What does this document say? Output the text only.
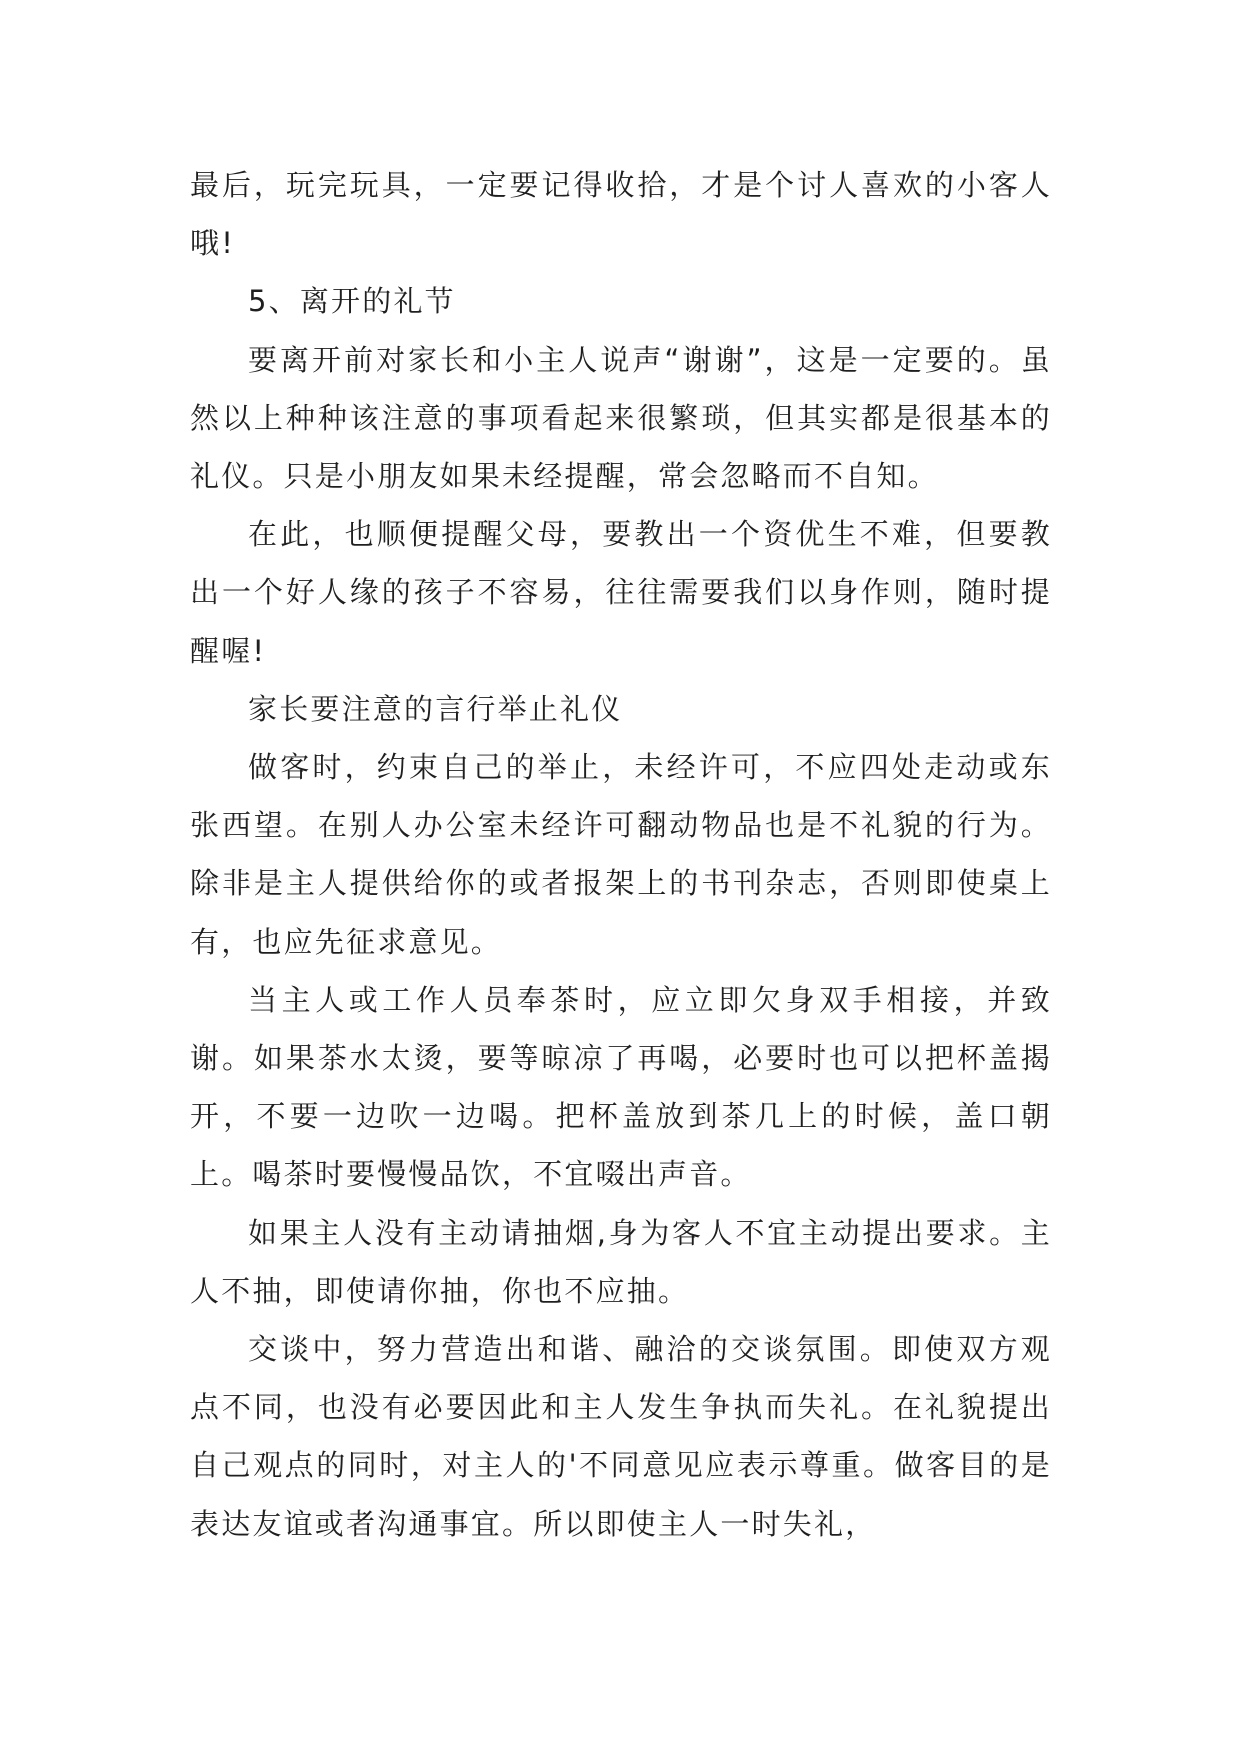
最后，玩完玩具，一定要记得收拾，才是个讨人喜欢的小客人哦!

5、离开的礼节

要离开前对家长和小主人说声“谢谢”，这是一定要的。虽然以上种种该注意的事项看起来很繁琐，但其实都是很基本的礼仪。只是小朋友如果未经提醒，常会忽略而不自知。

在此，也顺便提醒父母，要教出一个资优生不难，但要教出一个好人缘的孩子不容易，往往需要我们以身作则，随时提醒喔!

家长要注意的言行举止礼仪

做客时，约束自己的举止，未经许可，不应四处走动或东张西望。在别人办公室未经许可翻动物品也是不礼貌的行为。除非是主人提供给你的或者报架上的书刊杂志，否则即使桌上有，也应先征求意见。

当主人或工作人员奉茶时，应立即欠身双手相接，并致谢。如果茶水太烫，要等晾凉了再喝，必要时也可以把杯盖揭开，不要一边吹一边喝。把杯盖放到茶几上的时候，盖口朝上。喝茶时要慢慢品饮，不宜啜出声音。

如果主人没有主动请抽烟,身为客人不宜主动提出要求。主人不抽，即使请你抽，你也不应抽。

交谈中，努力营造出和谐、融洽的交谈氛围。即使双方观点不同，也没有必要因此和主人发生争执而失礼。在礼貌提出自己观点的同时，对主人的'不同意见应表示尊重。做客目的是表达友谊或者沟通事宜。所以即使主人一时失礼，
